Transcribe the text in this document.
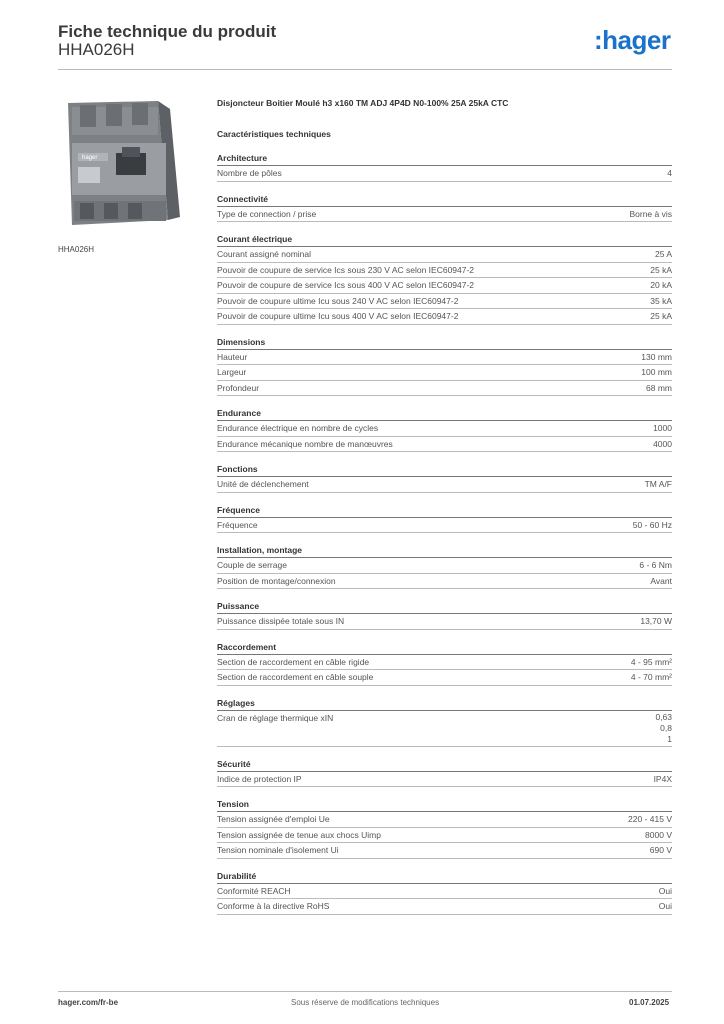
Fiche technique du produit
HHA026H	:hager
hager
HHA026H
Disjoncteur Boitier Moulé h3 x160 TM ADJ 4P4D N0-100% 25A 25kA CTC
Caractéristiques techniques
Architecture
Nombre de pôles	4
Connectivité
Type de connection / prise	Borne à vis
Courant électrique
Courant assigné nominal	25 A
Pouvoir de coupure de service Ics sous 230 V AC selon IEC60947-2	25 kA
Pouvoir de coupure de service Ics sous 400 V AC selon IEC60947-2	20 kA
Pouvoir de coupure ultime Icu sous 240 V AC selon IEC60947-2	35 kA
Pouvoir de coupure ultime Icu sous 400 V AC selon IEC60947-2	25 kA
Dimensions
Hauteur	130 mm
Largeur	100 mm
Profondeur	68 mm
Endurance
Endurance électrique en nombre de cycles	1000
Endurance mécanique nombre de manœuvres	4000
Fonctions
Unité de déclenchement	TM A/F
Fréquence
Fréquence	50 - 60 Hz
Installation, montage
Couple de serrage	6 - 6 Nm
Position de montage/connexion	Avant
Puissance
Puissance dissipée totale sous IN	13,70 W
Raccordement
Section de raccordement en câble rigide	4 - 95 mm²
Section de raccordement en câble souple	4 - 70 mm²
Réglages
Cran de réglage thermique xIN	0,63
0,8
1
Sécurité
Indice de protection IP	IP4X
Tension
Tension assignée d'emploi Ue	220 - 415 V
Tension assignée de tenue aux chocs Uimp	8000 V
Tension nominale d'isolement Ui	690 V
Durabilité
Conformité REACH	Oui
Conforme à la directive RoHS	Oui
hager.com/fr-be	Sous réserve de modifications techniques	01.07.2025
